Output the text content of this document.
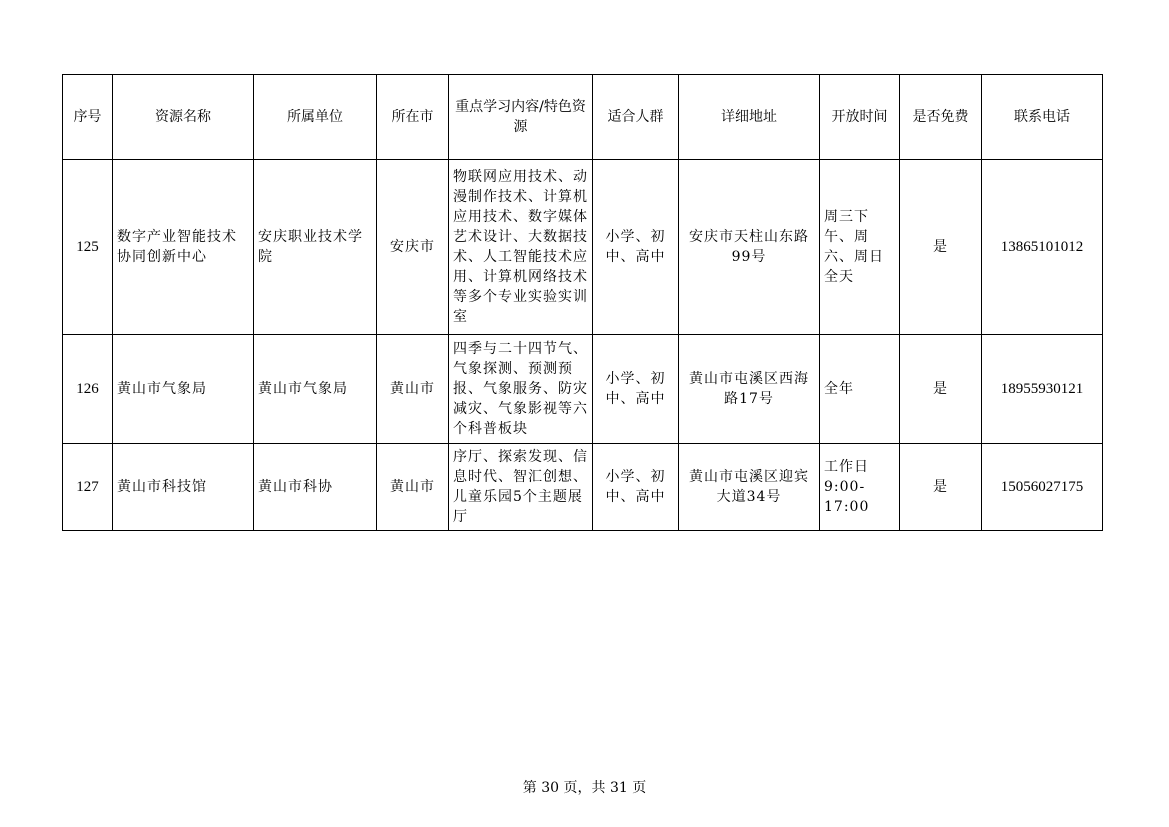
序号	资源名称	所属单位	所在市	重点学习内容/特色资源	适合人群	详细地址	开放时间	是否免费	联系电话
125	数字产业智能技术协同创新中心	安庆职业技术学院	安庆市	物联网应用技术、动漫制作技术、计算机应用技术、数字媒体艺术设计、大数据技术、人工智能技术应用、计算机网络技术等多个专业实验实训室	小学、初中、高中	安庆市天柱山东路99号	周三下午、周六、周日全天	是	13865101012
126	黄山市气象局	黄山市气象局	黄山市	四季与二十四节气、气象探测、预测预报、气象服务、防灾减灾、气象影视等六个科普板块	小学、初中、高中	黄山市屯溪区西海路17号	全年	是	18955930121
127	黄山市科技馆	黄山市科协	黄山市	序厅、探索发现、信息时代、智汇创想、儿童乐园5个主题展厅	小学、初中、高中	黄山市屯溪区迎宾大道34号	工作日9:00-17:00	是	15056027175
第 30 页，共 31 页
